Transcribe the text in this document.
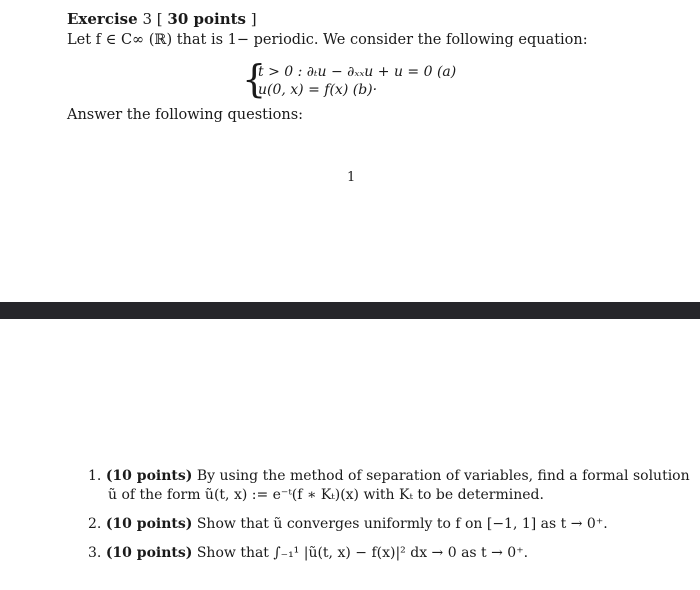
Exercise 3 [ 30 points ]
Let f ∈ C∞ (ℝ) that is 1− periodic. We consider the following equation:
{
t > 0 : ∂ₜu − ∂ₓₓu + u = 0 (a)
u(0, x) = f(x) (b)·
Answer the following questions:
1
1. (10 points) By using the method of separation of variables, find a formal solution
ũ of the form ũ(t, x) := e⁻ᵗ(f ∗ Kₜ)(x) with Kₜ to be determined.
2. (10 points) Show that ũ converges uniformly to f on [−1, 1] as t → 0⁺.
3. (10 points) Show that ∫₋₁¹ |ũ(t, x) − f(x)|² dx → 0 as t → 0⁺.
